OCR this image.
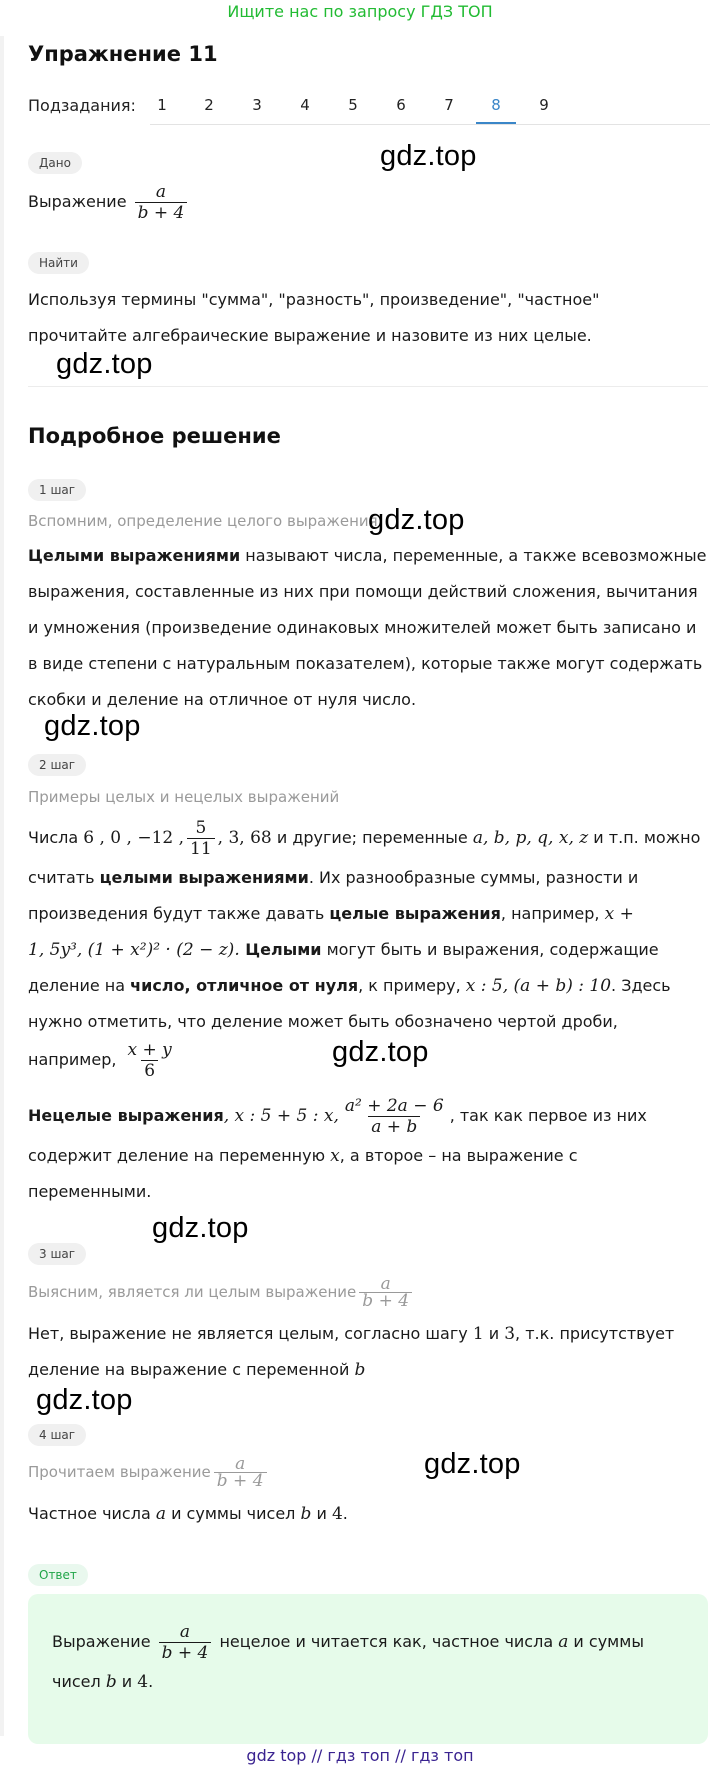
Ищите нас по запросу ГДЗ ТОП
Упражнение 11
Подзадания:	1	2	3	4	5	6	7	8	9
Дано	gdz.top
Выражение $\frac{a}{b + 4}$
Найти
Используя термины "сумма", "разность", произведение", "частное"
прочитайте алгебраические выражение и назовите из них целые.
gdz.top
Подробное решение
1 шаг
Вспомним, определение целого выражения
gdz.top
Целыми выражениями называют числа, переменные, а также всевозможные
выражения, составленные из них при помощи действий сложения, вычитания
и умножения (произведение одинаковых множителей может быть записано и
в виде степени с натуральным показателем), которые также могут содержать
скобки и деление на отличное от нуля число.
gdz.top
2 шаг
Примеры целых и нецелых выражений
Числа 6 , 0 , −12 , $\frac{5}{11}$ , 3, 68 и другие; переменные a, b, p, q, x, z и т.п. можно
считать целыми выражениями. Их разнообразные суммы, разности и
произведения будут также давать целые выражения, например, x +
1, 5y³, (1 + x²)² · (2 − z). Целыми могут быть и выражения, содержащие
деление на число, отличное от нуля, к примеру, x : 5, (a + b) : 10. Здесь
нужно отметить, что деление может быть обозначено чертой дроби,
например, $\frac{x + y}{6}$	gdz.top
Нецелые выражения, x : 5 + 5 : x, $\frac{\text{a² + 2a − 6}}{a + b}$ , так как первое из них
содержит деление на переменную x, а второе – на выражение с
переменными.
gdz.top
3 шаг
Выясним, является ли целым выражение $\frac{a}{b + 4}$
Нет, выражение не является целым, согласно шагу 1 и 3, т.к. присутствует
деление на выражение с переменной b
gdz.top
4 шаг
Прочитаем выражение $\frac{a}{b + 4}$	gdz.top
Частное числа a и суммы чисел b и 4.
Ответ
Выражение $\frac{a}{b + 4}$ нецелое и читается как, частное числа a и суммы
чисел b и 4.
gdz top // гдз топ // гдз топ
